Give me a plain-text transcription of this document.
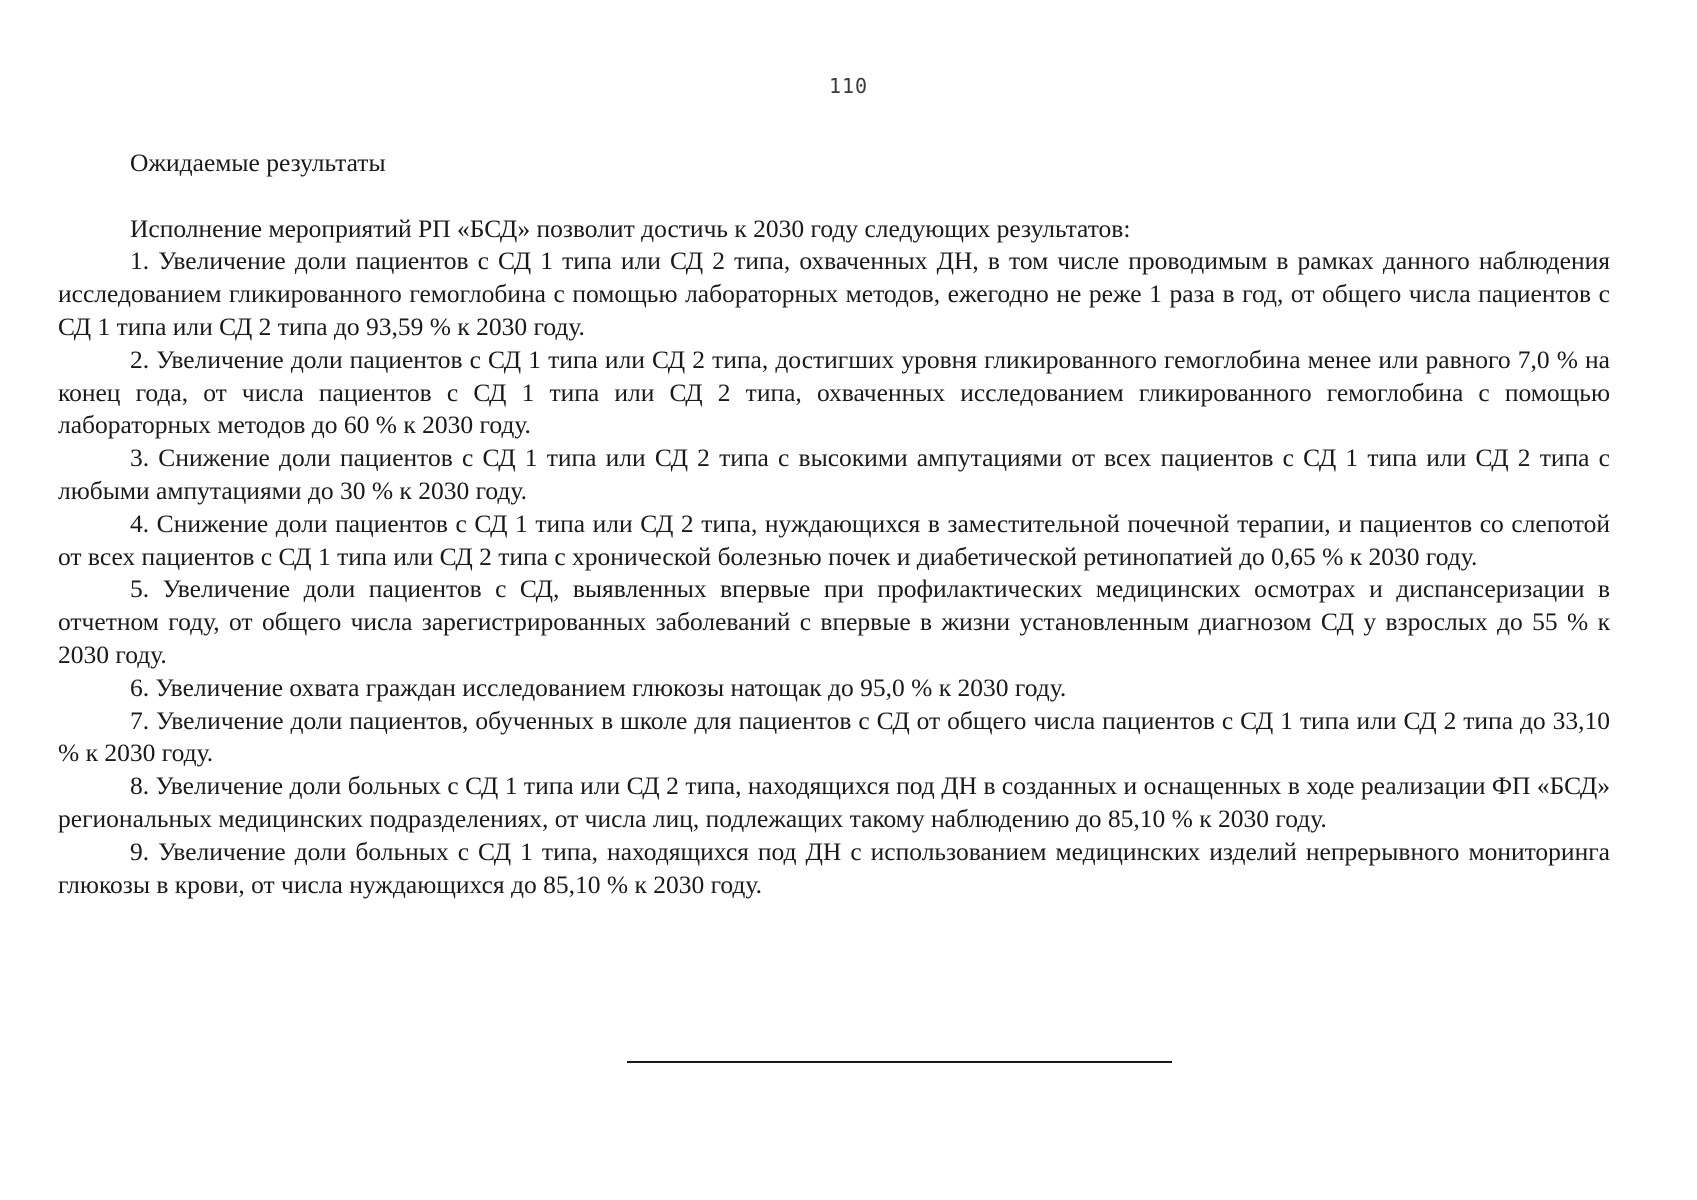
110

Ожидаемые результаты

Исполнение мероприятий РП «БСД» позволит достичь к 2030 году следующих результатов:

1. Увеличение доли пациентов с СД 1 типа или СД 2 типа, охваченных ДН, в том числе проводимым в рамках данного наблюдения исследованием гликированного гемоглобина с помощью лабораторных методов, ежегодно не реже 1 раза в год, от общего числа пациентов с СД 1 типа или СД 2 типа до 93,59 % к 2030 году.

2. Увеличение доли пациентов с СД 1 типа или СД 2 типа, достигших уровня гликированного гемоглобина менее или равного 7,0 % на конец года, от числа пациентов с СД 1 типа или СД 2 типа, охваченных исследованием гликированного гемоглобина с помощью лабораторных методов до 60 % к 2030 году.

3. Снижение доли пациентов с СД 1 типа или СД 2 типа с высокими ампутациями от всех пациентов с СД 1 типа или СД 2 типа с любыми ампутациями до 30 % к 2030 году.

4. Снижение доли пациентов с СД 1 типа или СД 2 типа, нуждающихся в заместительной почечной терапии, и пациентов со слепотой от всех пациентов с СД 1 типа или СД 2 типа с хронической болезнью почек и диабетической ретинопатией до 0,65 % к 2030 году.

5. Увеличение доли пациентов с СД, выявленных впервые при профилактических медицинских осмотрах и диспансеризации в отчетном году, от общего числа зарегистрированных заболеваний с впервые в жизни установленным диагнозом СД у взрослых до 55 % к 2030 году.

6. Увеличение охвата граждан исследованием глюкозы натощак до 95,0 % к 2030 году.

7. Увеличение доли пациентов, обученных в школе для пациентов с СД от общего числа пациентов с СД 1 типа или СД 2 типа до 33,10 % к 2030 году.

8. Увеличение доли больных с СД 1 типа или СД 2 типа, находящихся под ДН в созданных и оснащенных в ходе реализации ФП «БСД» региональных медицинских подразделениях, от числа лиц, подлежащих такому наблюдению до 85,10 % к 2030 году.

9. Увеличение доли больных с СД 1 типа, находящихся под ДН с использованием медицинских изделий непрерывного мониторинга глюкозы в крови, от числа нуждающихся до 85,10 % к 2030 году.
